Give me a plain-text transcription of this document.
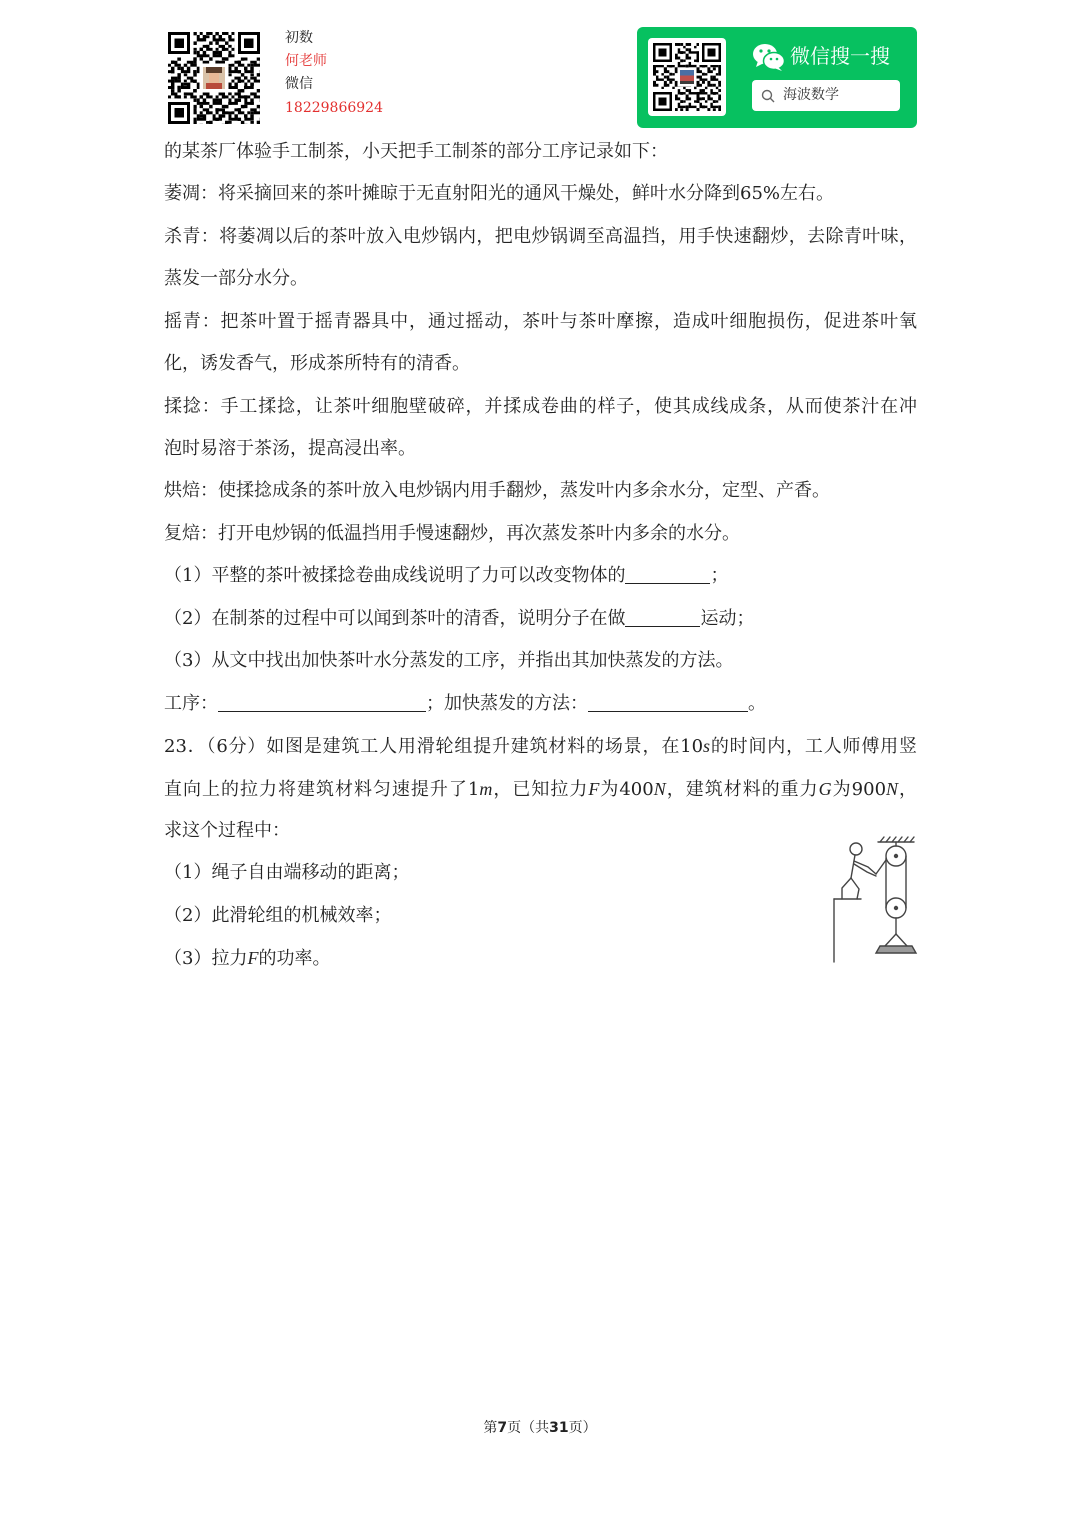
初数
何老师
微信
18229866924
微信搜一搜
海波数学
的某茶厂体验手工制茶，小天把手工制茶的部分工序记录如下：
萎凋：将采摘回来的茶叶摊晾于无直射阳光的通风干燥处，鲜叶水分降到65%左右。
杀青：将萎凋以后的茶叶放入电炒锅内，把电炒锅调至高温挡，用手快速翻炒，去除青叶味，
蒸发一部分水分。
摇青：把茶叶置于摇青器具中，通过摇动，茶叶与茶叶摩擦，造成叶细胞损伤，促进茶叶氧
化，诱发香气，形成茶所特有的清香。
揉捻：手工揉捻，让茶叶细胞壁破碎，并揉成卷曲的样子，使其成线成条，从而使茶汁在冲
泡时易溶于茶汤，提高浸出率。
烘焙：使揉捻成条的茶叶放入电炒锅内用手翻炒，蒸发叶内多余水分，定型、产香。
复焙：打开电炒锅的低温挡用手慢速翻炒，再次蒸发茶叶内多余的水分。
（1）平整的茶叶被揉捻卷曲成线说明了力可以改变物体的	；
（2）在制茶的过程中可以闻到茶叶的清香，说明分子在做	运动；
（3）从文中找出加快茶叶水分蒸发的工序，并指出其加快蒸发的方法。
工序：	；加快蒸发的方法：	。
23．（6分）如图是建筑工人用滑轮组提升建筑材料的场景，在10s的时间内，工人师傅用竖
直向上的拉力将建筑材料匀速提升了1m，已知拉力F为400N，建筑材料的重力G为900N，
求这个过程中：
（1）绳子自由端移动的距离；
（2）此滑轮组的机械效率；
（3）拉力F的功率。
第7页（共31页）
